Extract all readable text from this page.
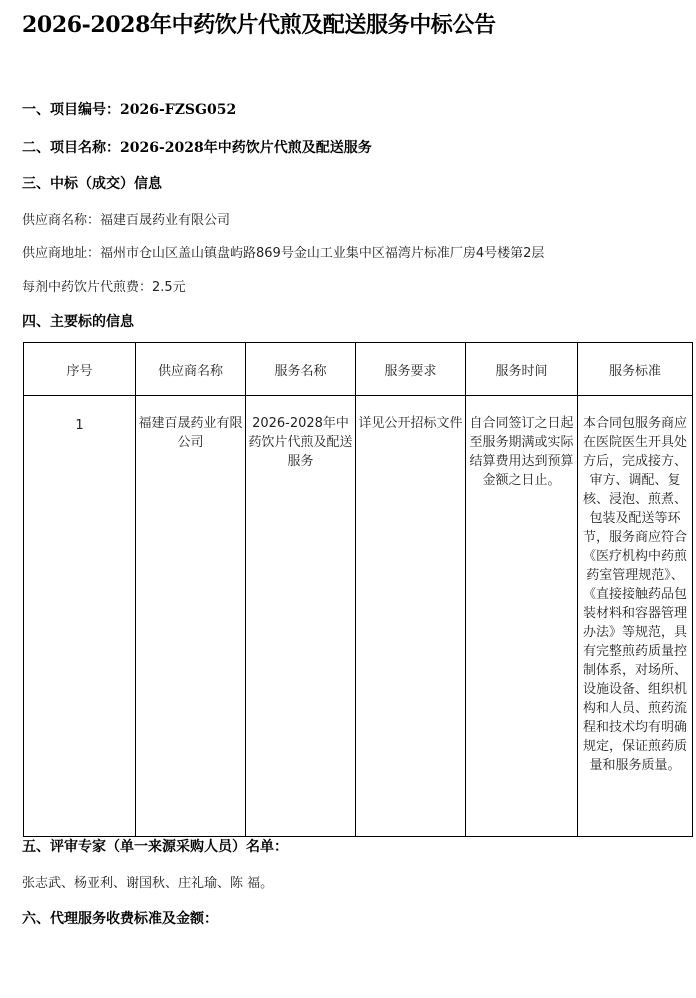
2026-2028年中药饮片代煎及配送服务中标公告
一、项目编号：2026-FZSG052
二、项目名称：2026-2028年中药饮片代煎及配送服务
三、中标（成交）信息
供应商名称：福建百晟药业有限公司
供应商地址：福州市仓山区盖山镇盘屿路869号金山工业集中区福湾片标准厂房4号楼第2层
每剂中药饮片代煎费：2.5元
四、主要标的信息
序号	供应商名称	服务名称	服务要求	服务时间	服务标准
1	福建百晟药业有限公司	2026-2028年中药饮片代煎及配送服务	详见公开招标文件	自合同签订之日起至服务期满或实际结算费用达到预算金额之日止。	本合同包服务商应在医院医生开具处方后，完成接方、审方、调配、复核、浸泡、煎煮、包装及配送等环节，服务商应符合《医疗机构中药煎药室管理规范》、《直接接触药品包装材料和容器管理办法》等规范，具有完整煎药质量控制体系，对场所、设施设备、组织机构和人员、煎药流程和技术均有明确规定，保证煎药质量和服务质量。
五、评审专家（单一来源采购人员）名单：
张志武、杨亚利、谢国秋、庄礼瑜、陈 福。
六、代理服务收费标准及金额：
